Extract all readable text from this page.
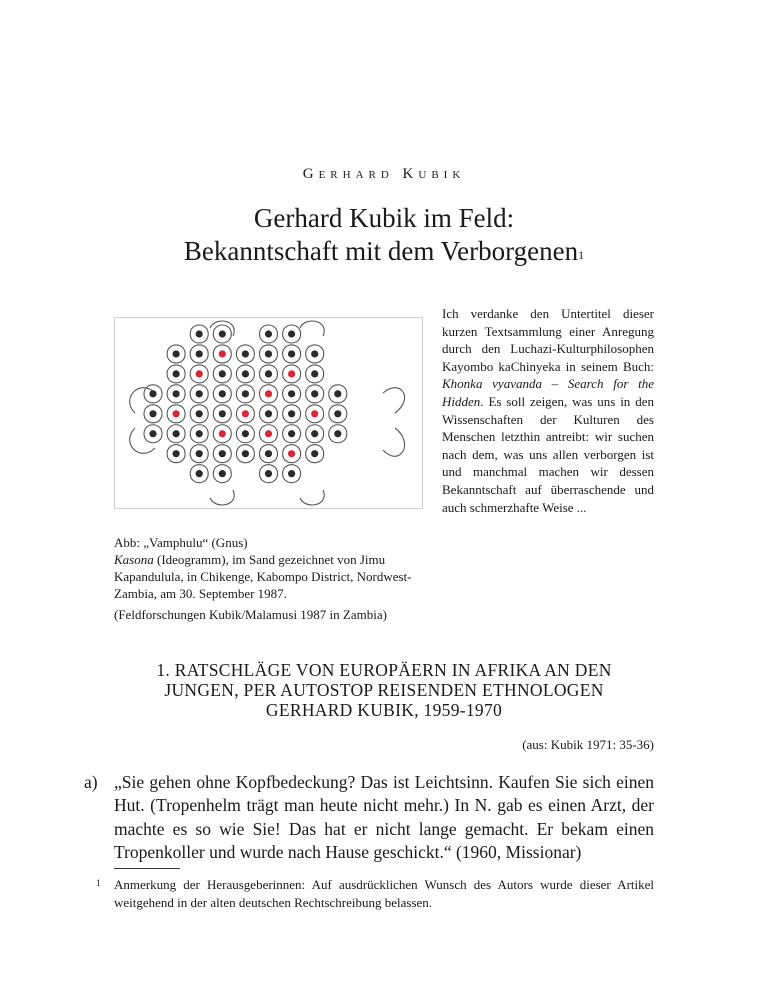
Gerhard Kubik
Gerhard Kubik im Feld:
Bekanntschaft mit dem Verborgenen$^1$
Ich verdanke den Untertitel dieser kurzen Textsammlung einer Anregung durch den Luchazi-Kulturphilosophen Kayombo kaChinyeka in seinem Buch: Khonka vyavanda – Search for the Hidden. Es soll zeigen, was uns in den Wissenschaften der Kulturen des Menschen letzthin antreibt: wir suchen nach dem, was uns allen verborgen ist und manchmal machen wir dessen Bekanntschaft auf überraschende und auch schmerzhafte Weise ...

Abb: „Vamphulu“ (Gnus)

Kasona (Ideogramm), im Sand gezeichnet von Jimu Kapandulula, in Chikenge, Kabompo District, Nordwest-Zambia, am 30. September 1987.

(Feldforschungen Kubik/Malamusi 1987 in Zambia)

1. RATSCHLÄGE VON EUROPÄERN IN AFRIKA AN DEN
JUNGEN, PER AUTOSTOP REISENDEN ETHNOLOGEN
GERHARD KUBIK, 1959-1970
(aus: Kubik 1971: 35-36)
a) „Sie gehen ohne Kopfbedeckung? Das ist Leichtsinn. Kaufen Sie sich einen Hut. (Tropenhelm trägt man heute nicht mehr.) In N. gab es einen Arzt, der machte es so wie Sie! Das hat er nicht lange gemacht. Er bekam einen Tropenkoller und wurde nach Hause geschickt.“ (1960, Missionar)
1 Anmerkung der Herausgeberinnen: Auf ausdrücklichen Wunsch des Autors wurde dieser Artikel weitgehend in der alten deutschen Rechtschreibung belassen.
